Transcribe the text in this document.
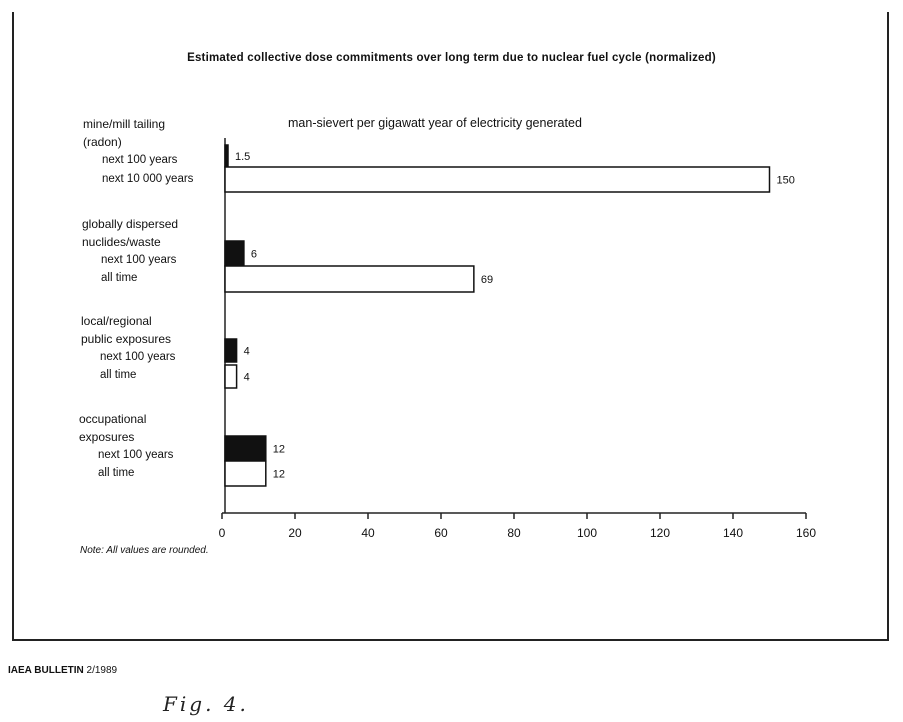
Estimated collective dose commitments over long term due to nuclear fuel cycle (normalized)
man-sievert per gigawatt year of electricity generated
mine/mill tailing
(radon)
next 100 years
next 10 000 years
globally dispersed
nuclides/waste
next 100 years
all time
local/regional
public exposures
next 100 years
all time
occupational
exposures
next 100 years
all time
0	20	40	60	80	100	120	140	160
1.5
150
6
69
4
4
12
12
Note: All values are rounded.
IAEA BULLETIN 2/1989
Fig. 4.
